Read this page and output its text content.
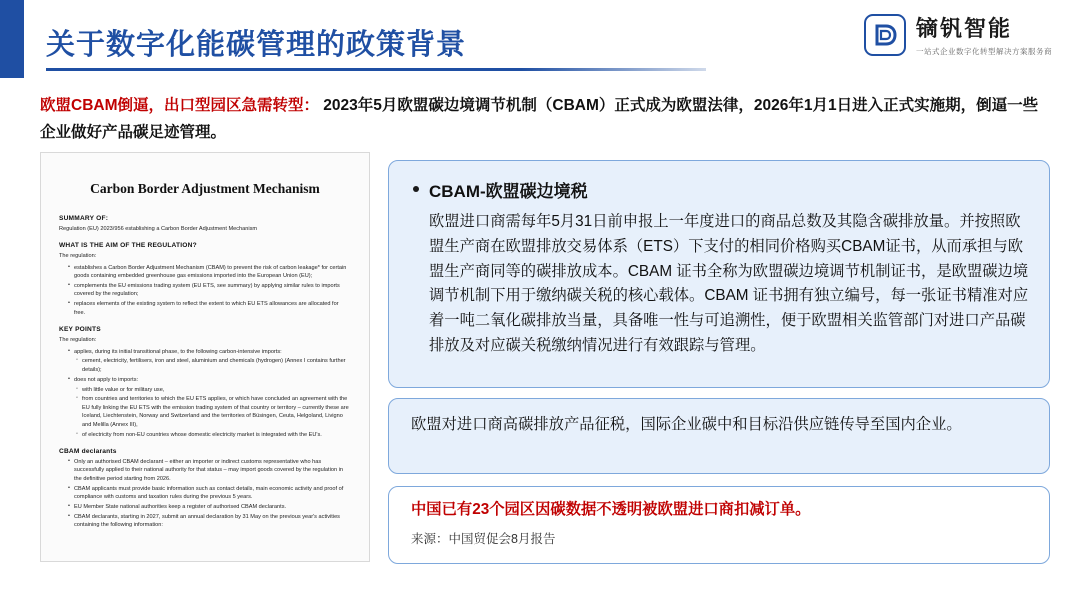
关于数字化能碳管理的政策背景
镝钒智能
一站式企业数字化转型解决方案服务商
欧盟CBAM倒逼，出口型园区急需转型： 2023年5月欧盟碳边境调节机制（CBAM）正式成为欧盟法律，2026年1月1日进入正式实施期，倒逼一些企业做好产品碳足迹管理。
Carbon Border Adjustment Mechanism
SUMMARY OF:
Regulation (EU) 2023/956 establishing a Carbon Border Adjustment Mechanism
WHAT IS THE AIM OF THE REGULATION?
The regulation:
• establishes a Carbon Border Adjustment Mechanism (CBAM) to prevent the risk of carbon leakage* for certain goods containing embedded greenhouse gas emissions imported into the European Union (EU);
• complements the EU emissions trading system (EU ETS, see summary) by applying similar rules to imports covered by the regulation;
• replaces elements of the existing system to reflect the extent to which EU ETS allowances are allocated for free.
KEY POINTS
The regulation:
• applies, during its initial transitional phase, to the following carbon-intensive imports:
◦ cement, electricity, fertilisers, iron and steel, aluminium and chemicals (hydrogen) (Annex I contains further details);
• does not apply to imports:
◦ with little value or for military use,
◦ from countries and territories to which the EU ETS applies, or which have concluded an agreement with the EU fully linking the EU ETS with the emission trading system of that country or territory – currently these are Iceland, Liechtenstein, Norway and Switzerland and the territories of Büsingen, Ceuta, Helgoland, Livigno and Melilla (Annex III),
◦ of electricity from non-EU countries whose domestic electricity market is integrated with the EU's.
CBAM declarants
• Only an authorised CBAM declarant – either an importer or indirect customs representative who has successfully applied to their national authority for that status – may import goods covered by the regulation in the definitive period starting from 2026.
• CBAM applicants must provide basic information such as contact details, main economic activity and proof of compliance with customs and taxation rules during the previous 5 years.
• EU Member State national authorities keep a register of authorised CBAM declarants.
• CBAM declarants, starting in 2027, submit an annual declaration by 31 May on the previous year's activities containing the following information:
CBAM-欧盟碳边境税
欧盟进口商需每年5月31日前申报上一年度进口的商品总数及其隐含碳排放量。并按照欧盟生产商在欧盟排放交易体系（ETS）下支付的相同价格购买CBAM证书，从而承担与欧盟生产商同等的碳排放成本。CBAM 证书全称为欧盟碳边境调节机制证书，是欧盟碳边境调节机制下用于缴纳碳关税的核心载体。CBAM 证书拥有独立编号，每一张证书精准对应着一吨二氧化碳排放当量，具备唯一性与可追溯性，便于欧盟相关监管部门对进口产品碳排放及对应碳关税缴纳情况进行有效跟踪与管理。
欧盟对进口商高碳排放产品征税，国际企业碳中和目标沿供应链传导至国内企业。
中国已有23个园区因碳数据不透明被欧盟进口商扣减订单。
来源：中国贸促会8月报告
